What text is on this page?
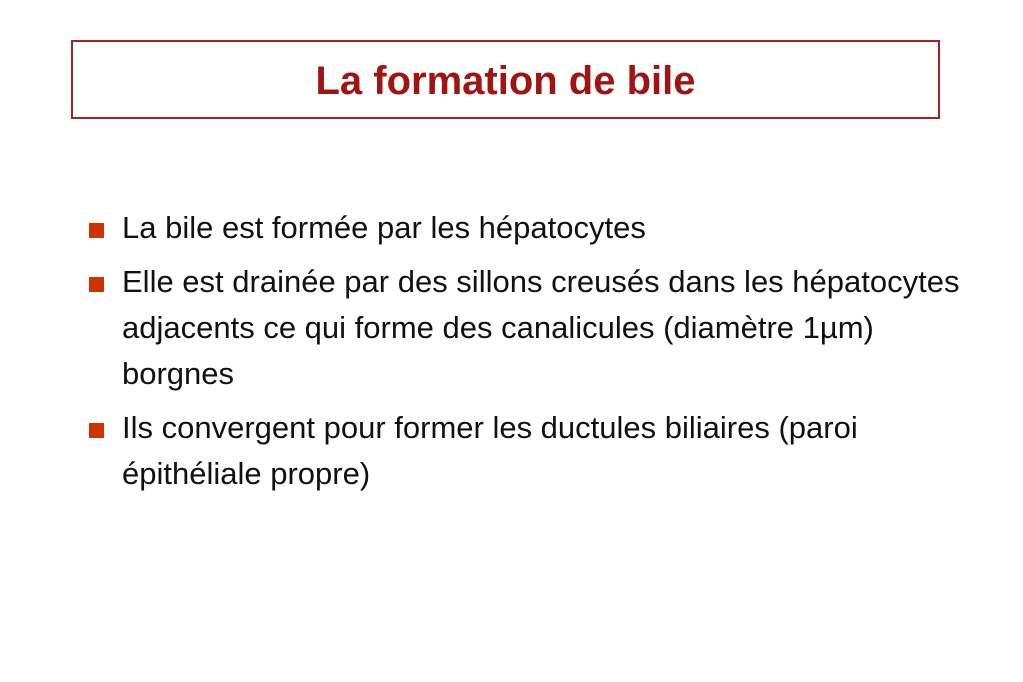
La formation de bile
La bile est formée par les hépatocytes
Elle est drainée par des sillons creusés dans les hépatocytes adjacents ce qui forme des canalicules (diamètre 1µm) borgnes
Ils convergent pour former les ductules biliaires (paroi épithéliale propre)
